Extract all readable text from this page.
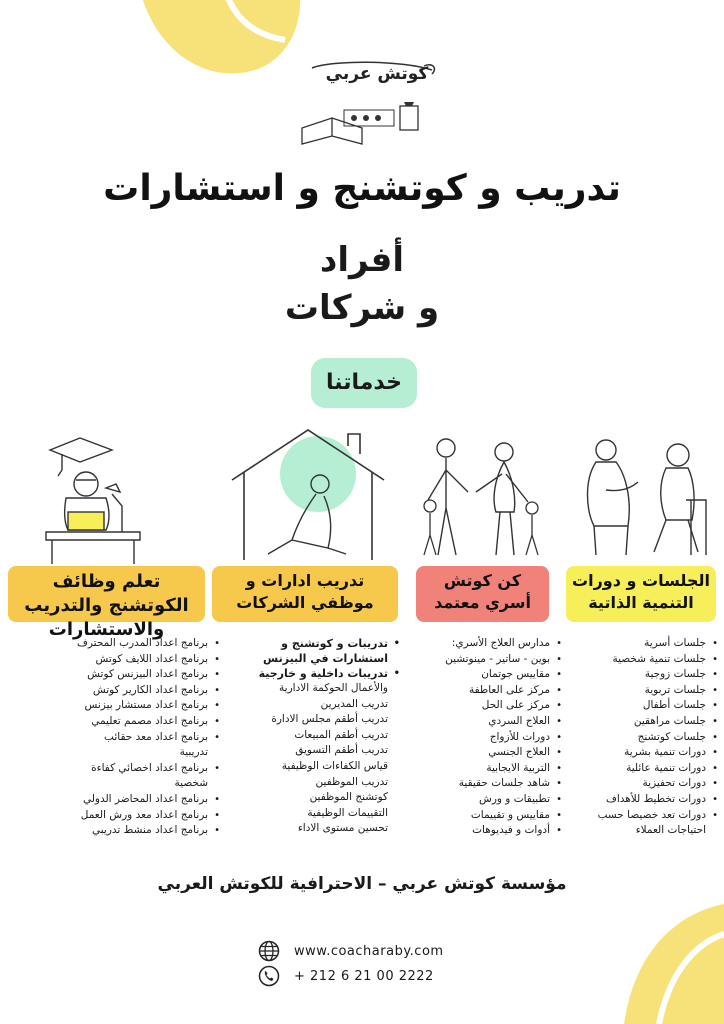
كوتش عربي
تدريب و كوتشنج و استشارات
أفراد
و شركات
خدماتنا
الجلسات و دورات التنمية الذاتية
كن كوتش أسري معتمد
تدريب ادارات و موظفي الشركات
تعلم وظائف الكوتشنج والتدريب والاستشارات
• جلسات أسرية
• جلسات تنمية شخصية
• جلسات زوجية
• جلسات تربوية
• جلسات أطفال
• جلسات مراهقين
• جلسات كوتشنج
• دورات تنمية بشرية
• دورات تنمية عائلية
• دورات تحفيزية
• دورات تخطيط للأهداف
• دورات تعد خصيصا حسب
احتياجات العملاء
• مدارس العلاج الأسري:
• بوين - ساتير - مينوتشين
• مقاييس جوتمان
• مركز على العاطفة
• مركز على الحل
• العلاج السردي
• دورات للأزواج
• العلاج الجنسي
• التربية الايجابية
• شاهد جلسات حقيقية
• تطبيقات و ورش
• مقاييس و تقييمات
• أدوات و فيديوهات
• تدريبات و كوتشنج و استشارات في البيزنس
• تدريبات داخلية و خارجية
والأعمال الحوكمة الادارية
تدريب المديرين
تدريب أطقم مجلس الادارة
تدريب أطقم المبيعات
تدريب أطقم التسويق
قياس الكفاءات الوظيفية
تدريب الموظفين
كوتشنج الموظفين
التقييمات الوظيفية
تحسين مستوى الاداء
• برنامج اعداد المدرب المحترف
• برنامج اعداد اللايف كوتش
• برنامج اعداد البيزنس كوتش
• برنامج اعداد الكارير كوتش
• برنامج اعداد مستشار بيزنس
• برنامج اعداد مصمم تعليمي
• برنامج اعداد معد حقائب
تدريبية
• برنامج اعداد اخصائي كفاءة
شخصية
• برنامج اعداد المحاضر الدولي
• برنامج اعداد معد ورش العمل
• برنامج اعداد منشط تدريبي
مؤسسة كوتش عربي – الاحترافية للكوتش العربي
www.coacharaby.com
+ 212 6 21 00 2222
